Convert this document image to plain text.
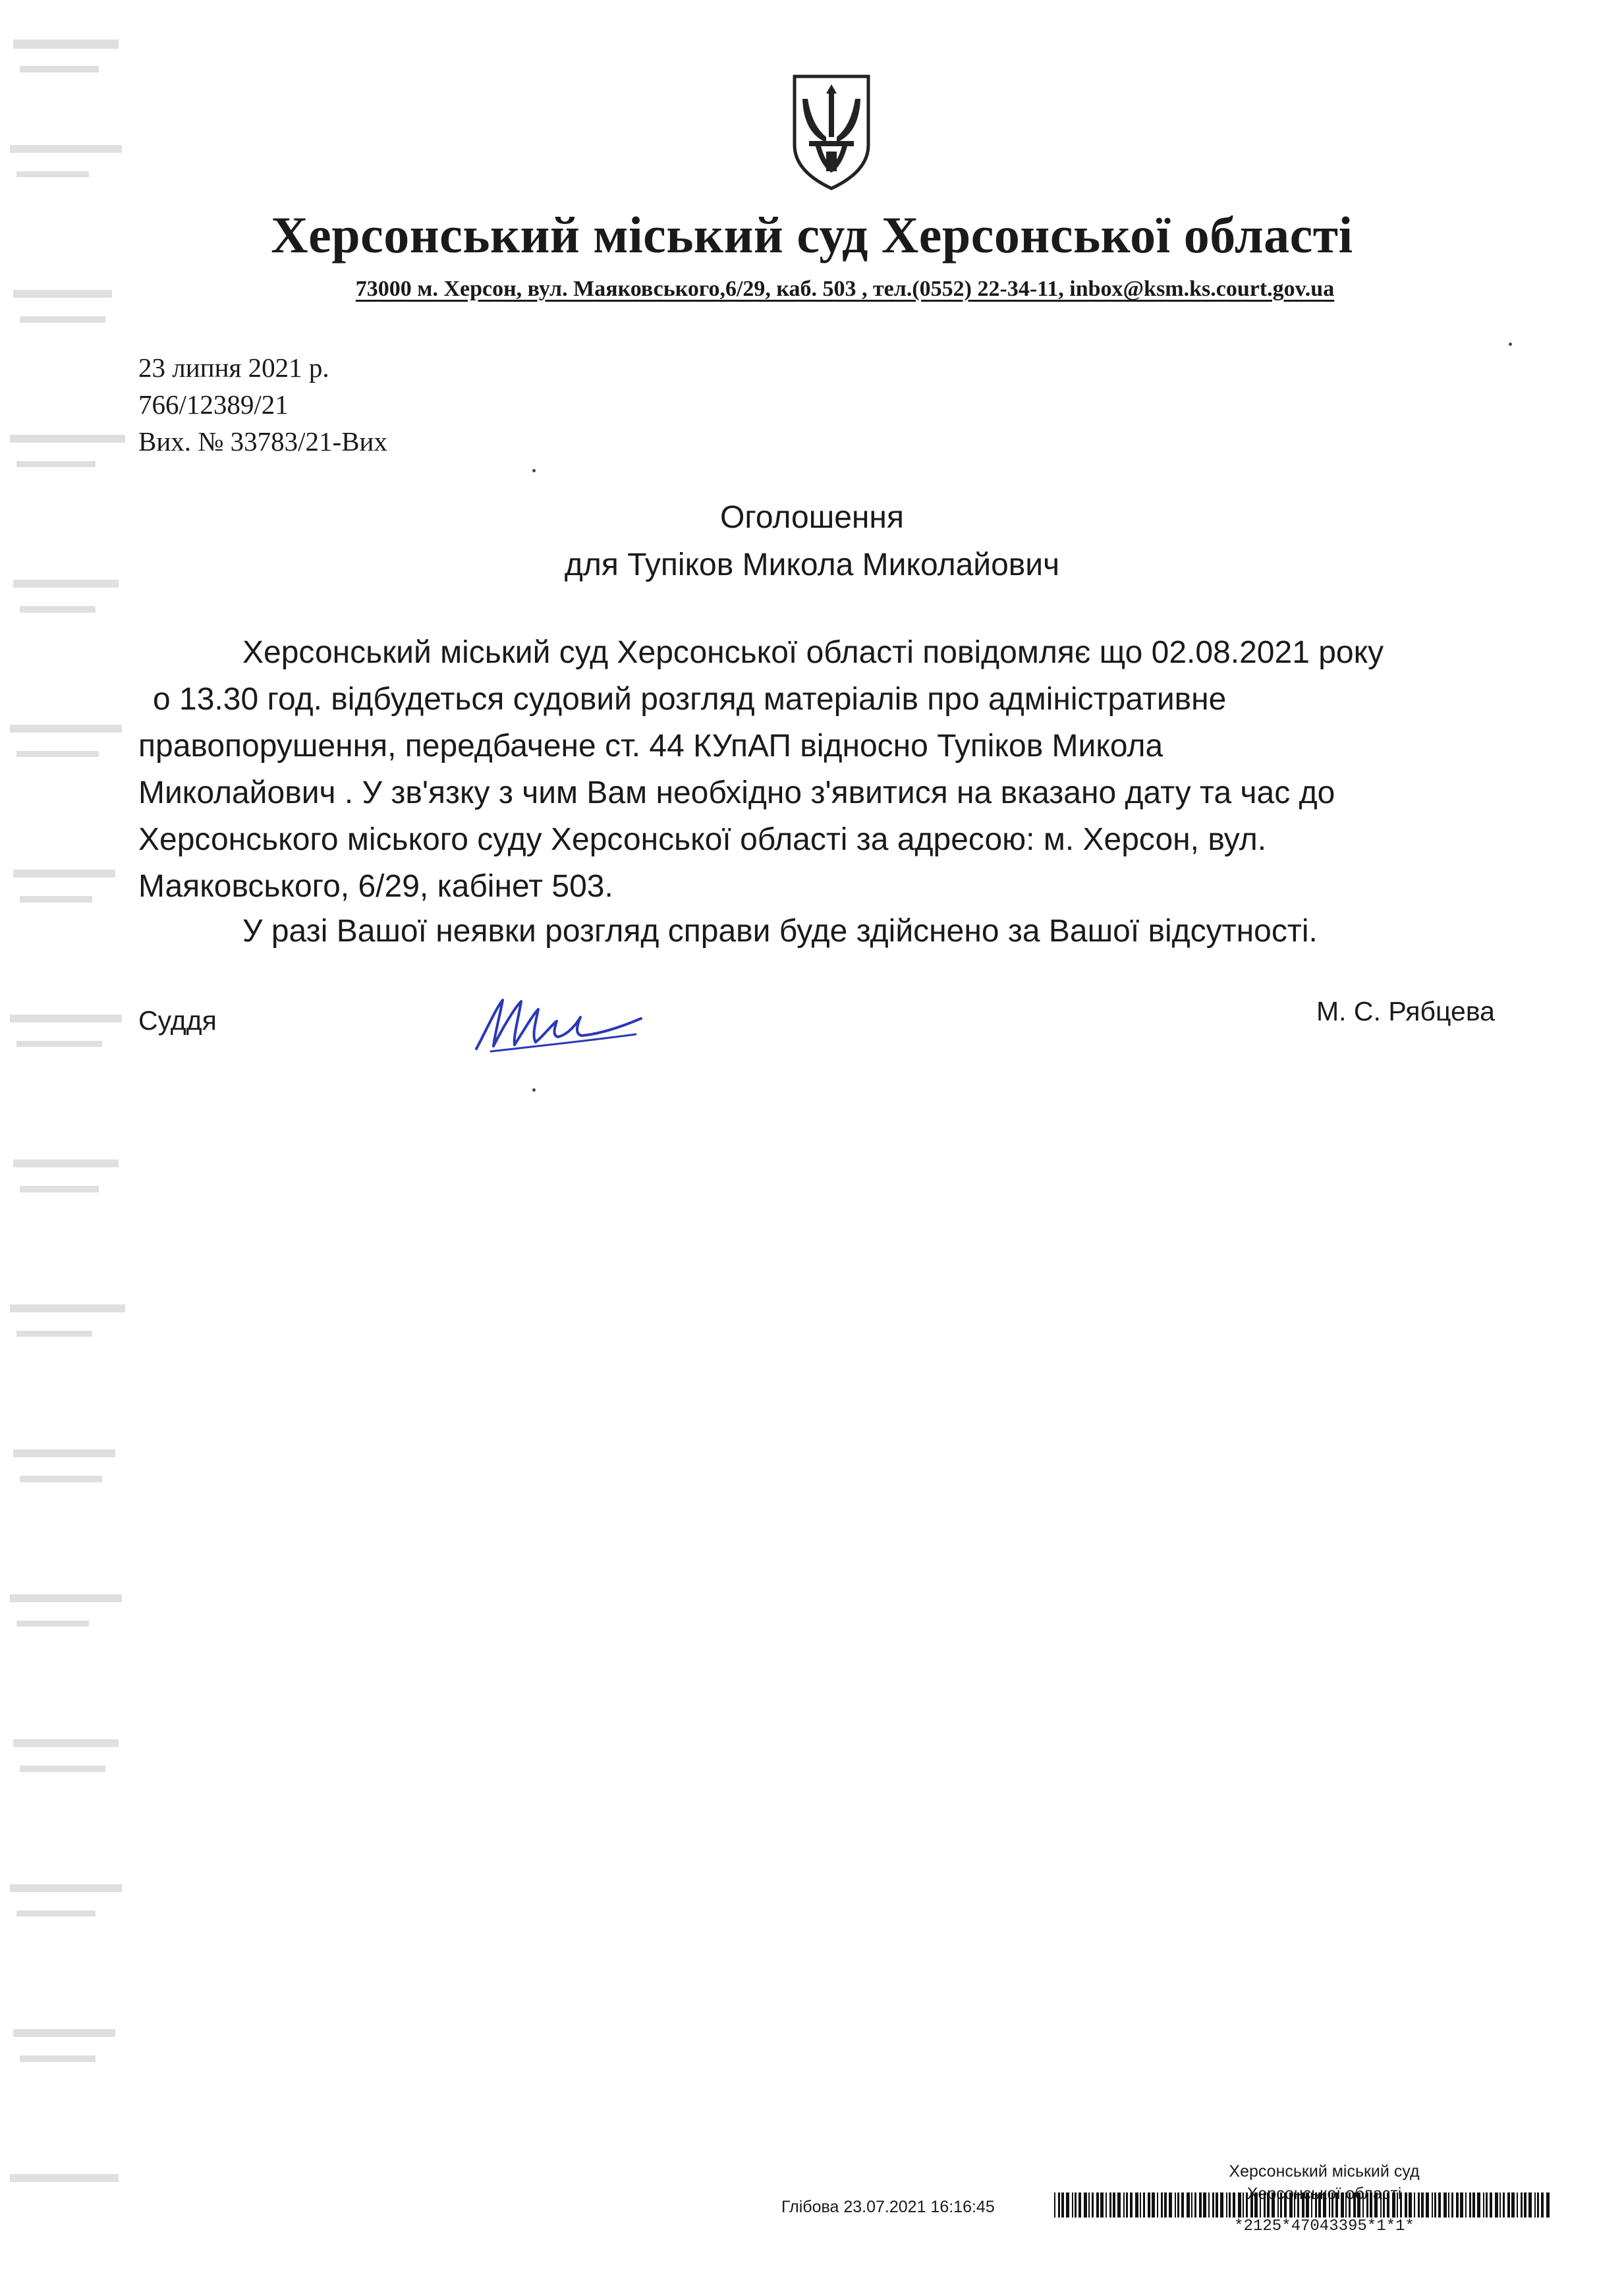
Херсонський міський суд Херсонської області
73000 м. Херсон, вул. Маяковського,6/29, каб. 503 , тел.(0552) 22-34-11, inbox@ksm.ks.court.gov.ua
23 липня 2021 р.
766/12389/21
Вих. № 33783/21-Вих
Оголошення
для Тупіков Микола Миколайович
Херсонський міський суд Херсонської області повідомляє що 02.08.2021 року
о 13.30 год. відбудеться судовий розгляд матеріалів про адміністративне
правопорушення, передбачене ст. 44 КУпАП відносно Тупіков Микола
Миколайович . У зв'язку з чим Вам необхідно з'явитися на вказано дату та час до
Херсонського міського суду Херсонської області за адресою: м. Херсон, вул.
Маяковського, 6/29, кабінет 503.
У разі Вашої неявки розгляд справи буде здійснено за Вашої відсутності.
Суддя	М. С. Рябцева
Херсонський міський суд
Херсонської області
Глібова 23.07.2021 16:16:45
*2125*47043395*1*1*
